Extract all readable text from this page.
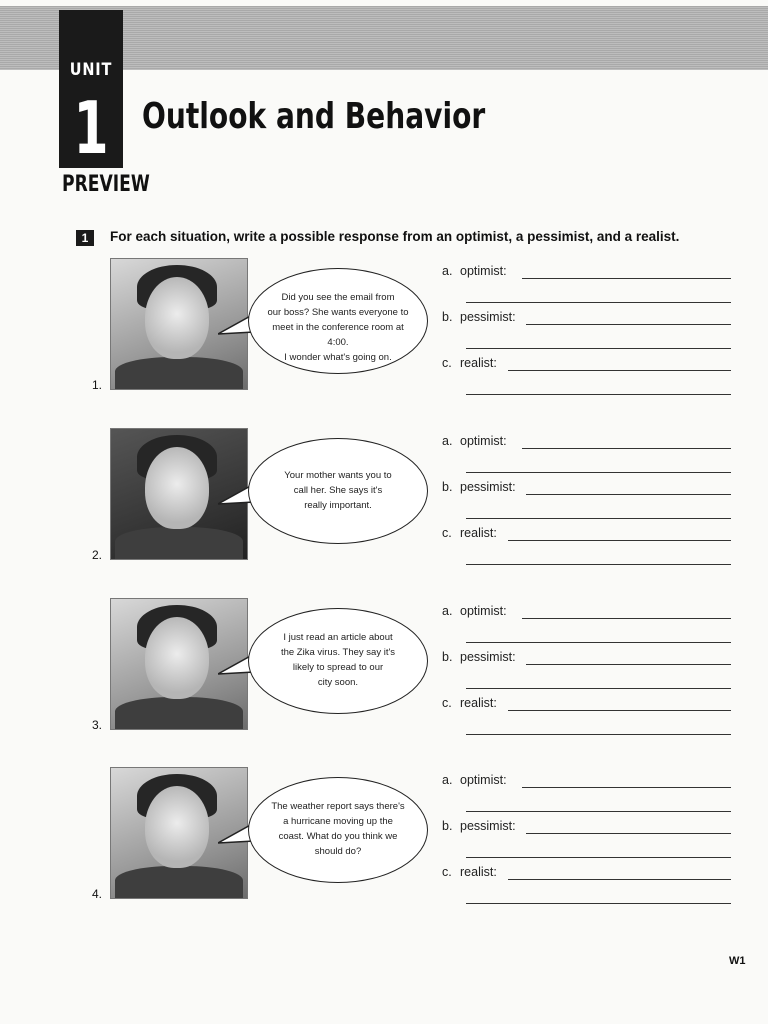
UNIT
1 Outlook and Behavior
PREVIEW
1	For each situation, write a possible response from an optimist, a pessimist, and a realist.
Did you see the email from
our boss? She wants everyone to
meet in the conference room at 4:00.
I wonder what's going on.
1.
a. optimist:
b. pessimist:
c. realist:
Your mother wants you to
call her. She says it's
really important.
2.
a. optimist:
b. pessimist:
c. realist:
I just read an article about
the Zika virus. They say it's
likely to spread to our
city soon.
3.
a. optimist:
b. pessimist:
c. realist:
The weather report says there's
a hurricane moving up the
coast. What do you think we
should do?
4.
a. optimist:
b. pessimist:
c. realist:
W1
